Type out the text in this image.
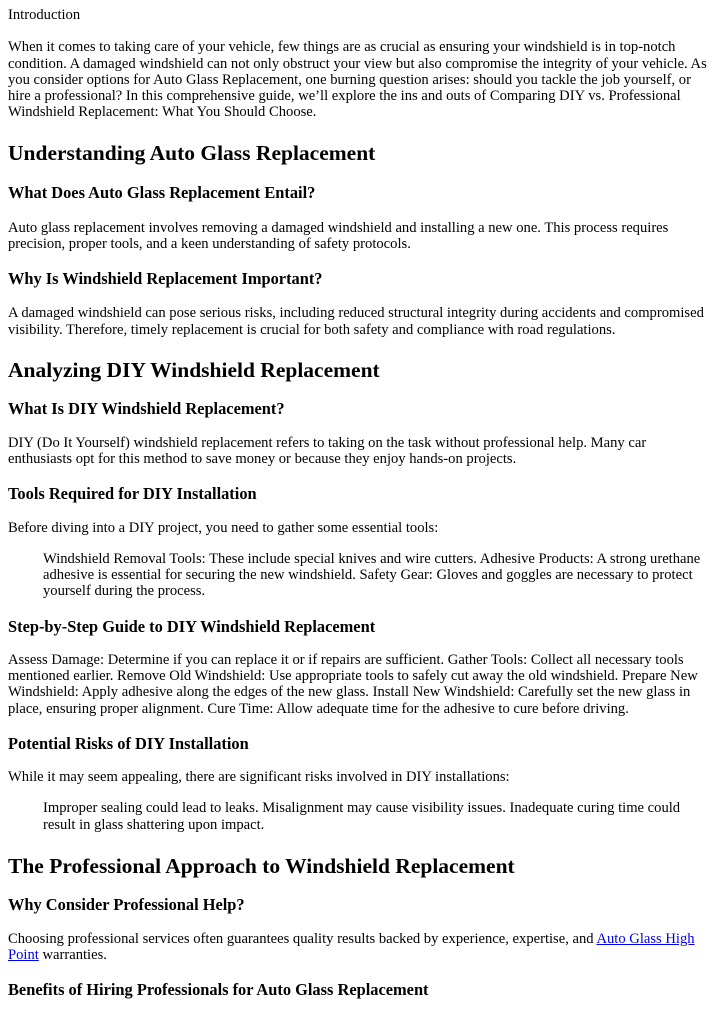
Introduction

When it comes to taking care of your vehicle, few things are as crucial as ensuring your windshield is in top-notch condition. A damaged windshield can not only obstruct your view but also compromise the integrity of your vehicle. As you consider options for Auto Glass Replacement, one burning question arises: should you tackle the job yourself, or hire a professional? In this comprehensive guide, we’ll explore the ins and outs of Comparing DIY vs. Professional Windshield Replacement: What You Should Choose.

Understanding Auto Glass Replacement
What Does Auto Glass Replacement Entail?

Auto glass replacement involves removing a damaged windshield and installing a new one. This process requires precision, proper tools, and a keen understanding of safety protocols.

Why Is Windshield Replacement Important?

A damaged windshield can pose serious risks, including reduced structural integrity during accidents and compromised visibility. Therefore, timely replacement is crucial for both safety and compliance with road regulations.

Analyzing DIY Windshield Replacement
What Is DIY Windshield Replacement?

DIY (Do It Yourself) windshield replacement refers to taking on the task without professional help. Many car enthusiasts opt for this method to save money or because they enjoy hands-on projects.

Tools Required for DIY Installation

Before diving into a DIY project, you need to gather some essential tools:

Windshield Removal Tools: These include special knives and wire cutters. Adhesive Products: A strong urethane adhesive is essential for securing the new windshield. Safety Gear: Gloves and goggles are necessary to protect yourself during the process.

Step-by-Step Guide to DIY Windshield Replacement

Assess Damage: Determine if you can replace it or if repairs are sufficient. Gather Tools: Collect all necessary tools mentioned earlier. Remove Old Windshield: Use appropriate tools to safely cut away the old windshield. Prepare New Windshield: Apply adhesive along the edges of the new glass. Install New Windshield: Carefully set the new glass in place, ensuring proper alignment. Cure Time: Allow adequate time for the adhesive to cure before driving.

Potential Risks of DIY Installation

While it may seem appealing, there are significant risks involved in DIY installations:

Improper sealing could lead to leaks. Misalignment may cause visibility issues. Inadequate curing time could result in glass shattering upon impact.

The Professional Approach to Windshield Replacement
Why Consider Professional Help?

Choosing professional services often guarantees quality results backed by experience, expertise, and Auto Glass High Point warranties.

Benefits of Hiring Professionals for Auto Glass Replacement
